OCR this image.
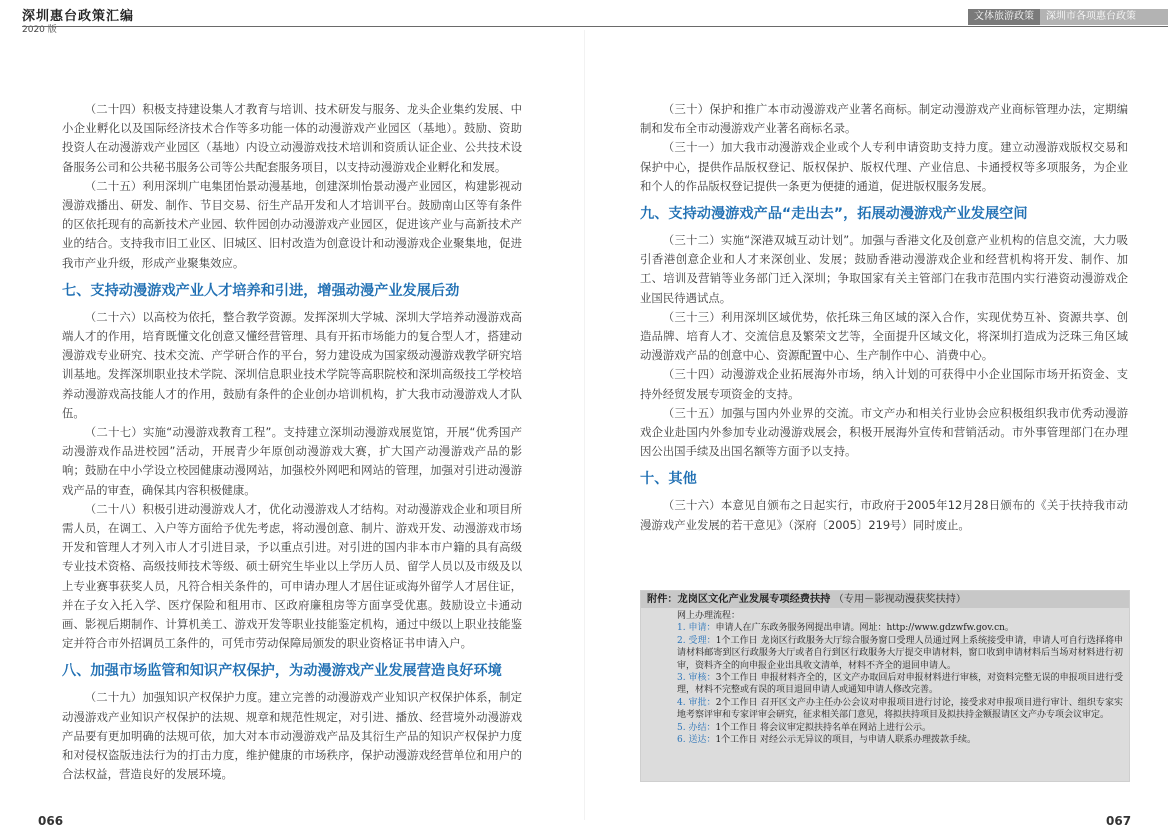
深圳惠台政策汇编
2020 版
文体旅游政策	深圳市各项惠台政策

（二十四）积极支持建设集人才教育与培训、技术研发与服务、龙头企业集约发展、中小企业孵化以及国际经济技术合作等多功能一体的动漫游戏产业园区（基地）。鼓励、资助投资人在动漫游戏产业园区（基地）内设立动漫游戏技术培训和资质认证企业、公共技术设备服务公司和公共秘书服务公司等公共配套服务项目，以支持动漫游戏企业孵化和发展。

（二十五）利用深圳广电集团怡景动漫基地，创建深圳怡景动漫产业园区，构建影视动漫游戏播出、研发、制作、节目交易、衍生产品开发和人才培训平台。鼓励南山区等有条件的区依托现有的高新技术产业园、软件园创办动漫游戏产业园区，促进该产业与高新技术产业的结合。支持我市旧工业区、旧城区、旧村改造为创意设计和动漫游戏企业聚集地，促进我市产业升级，形成产业聚集效应。

七、支持动漫游戏产业人才培养和引进，增强动漫产业发展后劲

（二十六）以高校为依托，整合教学资源。发挥深圳大学城、深圳大学培养动漫游戏高端人才的作用，培育既懂文化创意又懂经营管理、具有开拓市场能力的复合型人才，搭建动漫游戏专业研究、技术交流、产学研合作的平台，努力建设成为国家级动漫游戏教学研究培训基地。发挥深圳职业技术学院、深圳信息职业技术学院等高职院校和深圳高级技工学校培养动漫游戏高技能人才的作用，鼓励有条件的企业创办培训机构，扩大我市动漫游戏人才队伍。

（二十七）实施“动漫游戏教育工程”。支持建立深圳动漫游戏展览馆，开展“优秀国产动漫游戏作品进校园”活动，开展青少年原创动漫游戏大赛，扩大国产动漫游戏产品的影响；鼓励在中小学设立校园健康动漫网站，加强校外网吧和网站的管理，加强对引进动漫游戏产品的审查，确保其内容积极健康。

（二十八）积极引进动漫游戏人才，优化动漫游戏人才结构。对动漫游戏企业和项目所需人员，在调工、入户等方面给予优先考虑，将动漫创意、制片、游戏开发、动漫游戏市场开发和管理人才列入市人才引进目录，予以重点引进。对引进的国内非本市户籍的具有高级专业技术资格、高级技师技术等级、硕士研究生毕业以上学历人员、留学人员以及市级及以上专业赛事获奖人员，凡符合相关条件的，可申请办理人才居住证或海外留学人才居住证，并在子女入托入学、医疗保险和租用市、区政府廉租房等方面享受优惠。鼓励设立卡通动画、影视后期制作、计算机美工、游戏开发等职业技能鉴定机构，通过中级以上职业技能鉴定并符合市外招调员工条件的，可凭市劳动保障局颁发的职业资格证书申请入户。

八、加强市场监管和知识产权保护，为动漫游戏产业发展营造良好环境

（二十九）加强知识产权保护力度。建立完善的动漫游戏产业知识产权保护体系，制定动漫游戏产业知识产权保护的法规、规章和规范性规定，对引进、播放、经营境外动漫游戏产品要有更加明确的法规可依，加大对本市动漫游戏产品及其衍生产品的知识产权保护力度和对侵权盗版违法行为的打击力度，维护健康的市场秩序，保护动漫游戏经营单位和用户的合法权益，营造良好的发展环境。

（三十）保护和推广本市动漫游戏产业著名商标。制定动漫游戏产业商标管理办法，定期编制和发布全市动漫游戏产业著名商标名录。

（三十一）加大我市动漫游戏企业或个人专利申请资助支持力度。建立动漫游戏版权交易和保护中心，提供作品版权登记、版权保护、版权代理、产业信息、卡通授权等多项服务，为企业和个人的作品版权登记提供一条更为便捷的通道，促进版权服务发展。

九、支持动漫游戏产品“走出去”，拓展动漫游戏产业发展空间

（三十二）实施“深港双城互动计划”。加强与香港文化及创意产业机构的信息交流，大力吸引香港创意企业和人才来深创业、发展；鼓励香港动漫游戏企业和经营机构将开发、制作、加工、培训及营销等业务部门迁入深圳；争取国家有关主管部门在我市范围内实行港资动漫游戏企业国民待遇试点。

（三十三）利用深圳区域优势，依托珠三角区域的深入合作，实现优势互补、资源共享、创造品牌、培育人才、交流信息及繁荣文艺等，全面提升区域文化，将深圳打造成为泛珠三角区域动漫游戏产品的创意中心、资源配置中心、生产制作中心、消费中心。

（三十四）动漫游戏企业拓展海外市场，纳入计划的可获得中小企业国际市场开拓资金、支持外经贸发展专项资金的支持。

（三十五）加强与国内外业界的交流。市文产办和相关行业协会应积极组织我市优秀动漫游戏企业赴国内外参加专业动漫游戏展会，积极开展海外宣传和营销活动。市外事管理部门在办理因公出国手续及出国名额等方面予以支持。

十、其他

（三十六）本意见自颁布之日起实行，市政府于2005年12月28日颁布的《关于扶持我市动漫游戏产业发展的若干意见》（深府〔2005〕219号）同时废止。

附件：龙岗区文化产业发展专项经费扶持 （专用－影视动漫获奖扶持）
网上办理流程：
1. 申请：申请人在广东政务服务网提出申请。网址：http://www.gdzwfw.gov.cn。
2. 受理：1个工作日 龙岗区行政服务大厅综合服务窗口受理人员通过网上系统接受申请，申请人可自行选择将申请材料邮寄到区行政服务大厅或者自行到区行政服务大厅提交申请材料，窗口收到申请材料后当场对材料进行初审，资料齐全的向申报企业出具收文清单，材料不齐全的退回申请人。
3. 审核：3个工作日 申报材料齐全的，区文产办取回后对申报材料进行审核，对资料完整无误的申报项目进行受理，材料不完整或有误的项目退回申请人或通知申请人修改完善。
4. 审批：2个工作日 召开区文产办主任办公会议对申报项目进行讨论，接受求对申报项目进行审计、组织专家实地考察评审和专家评审会研究，征求相关部门意见，将拟扶持项目及拟扶持金额报请区文产办专项会议审定。
5. 办结：1个工作日 将会议审定拟扶持名单在网站上进行公示。
6. 送达：1个工作日 对经公示无异议的项目，与申请人联系办理拨款手续。
066	067
